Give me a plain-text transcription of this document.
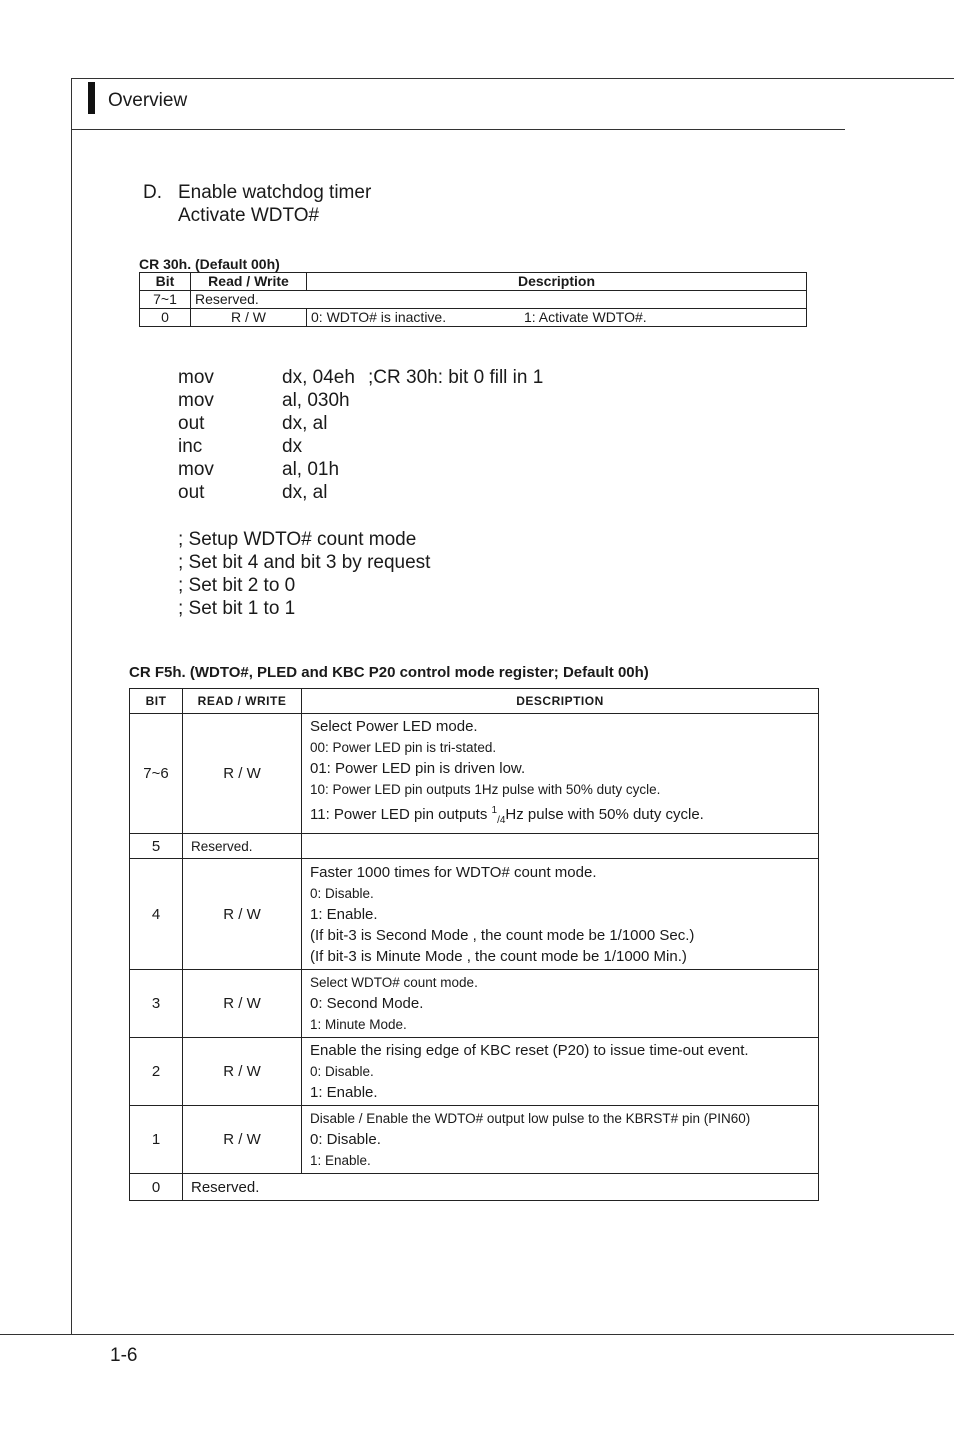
Overview
D. Enable watchdog timer
Activate WDTO#
CR 30h. (Default 00h)
Bit	Read / Write	Description
7~1	Reserved.	
0	R / W	0: WDTO# is inactive. 1: Activate WDTO#.
mov	dx, 04eh ;CR 30h: bit 0 fill in 1
mov	al, 030h
out	dx, al
inc	dx
mov	al, 01h
out	dx, al
; Setup WDTO# count mode
; Set bit 4 and bit 3 by request
; Set bit 2 to 0
; Set bit 1 to 1
CR F5h. (WDTO#, PLED and KBC P20 control mode register; Default 00h)
BIT	READ / WRITE	DESCRIPTION
7~6	R / W	Select Power LED mode.
00: Power LED pin is tri-stated.
01: Power LED pin is driven low.
10: Power LED pin outputs 1Hz pulse with 50% duty cycle.
11: Power LED pin outputs $^1_{/4}$Hz pulse with 50% duty cycle.

5	Reserved.	
4	R / W	Faster 1000 times for WDTO# count mode.
0: Disable.
1: Enable.
(If bit-3 is Second Mode , the count mode be 1/1000 Sec.)
(If bit-3 is Minute Mode , the count mode be 1/1000 Min.)

3	R / W	Select WDTO# count mode.
0: Second Mode.
1: Minute Mode.

2	R / W	Enable the rising edge of KBC reset (P20) to issue time-out event.
0: Disable.
1: Enable.

1	R / W	Disable / Enable the WDTO# output low pulse to the KBRST# pin (PIN60)
0: Disable.
1: Enable.

0	Reserved.	
1-6
